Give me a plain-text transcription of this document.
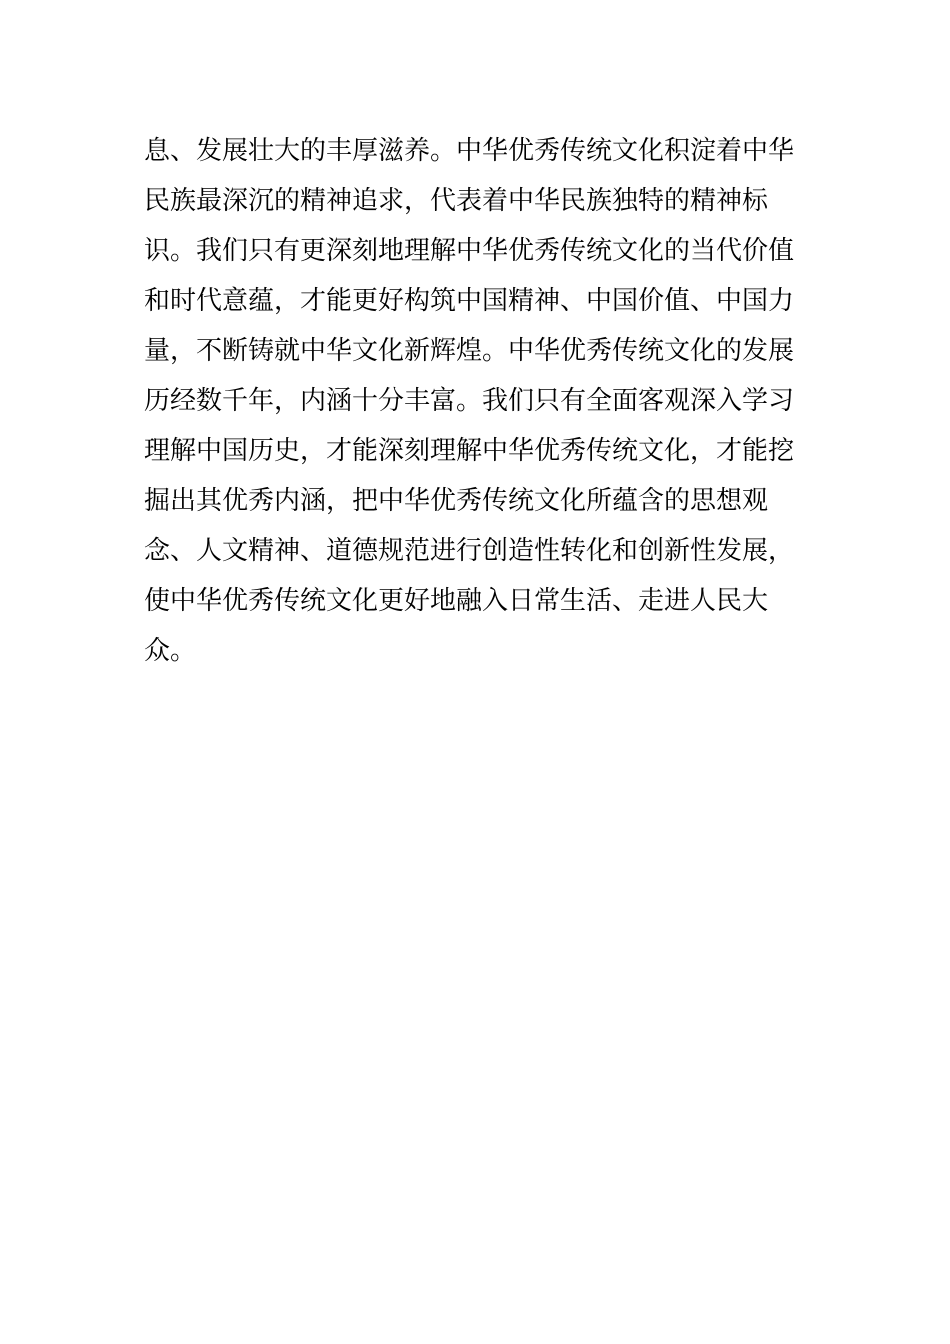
息、发展壮大的丰厚滋养。中华优秀传统文化积淀着中华
民族最深沉的精神追求，代表着中华民族独特的精神标
识。我们只有更深刻地理解中华优秀传统文化的当代价值
和时代意蕴，才能更好构筑中国精神、中国价值、中国力
量，不断铸就中华文化新辉煌。中华优秀传统文化的发展
历经数千年，内涵十分丰富。我们只有全面客观深入学习
理解中国历史，才能深刻理解中华优秀传统文化，才能挖
掘出其优秀内涵，把中华优秀传统文化所蕴含的思想观
念、人文精神、道德规范进行创造性转化和创新性发展，
使中华优秀传统文化更好地融入日常生活、走进人民大
众。
